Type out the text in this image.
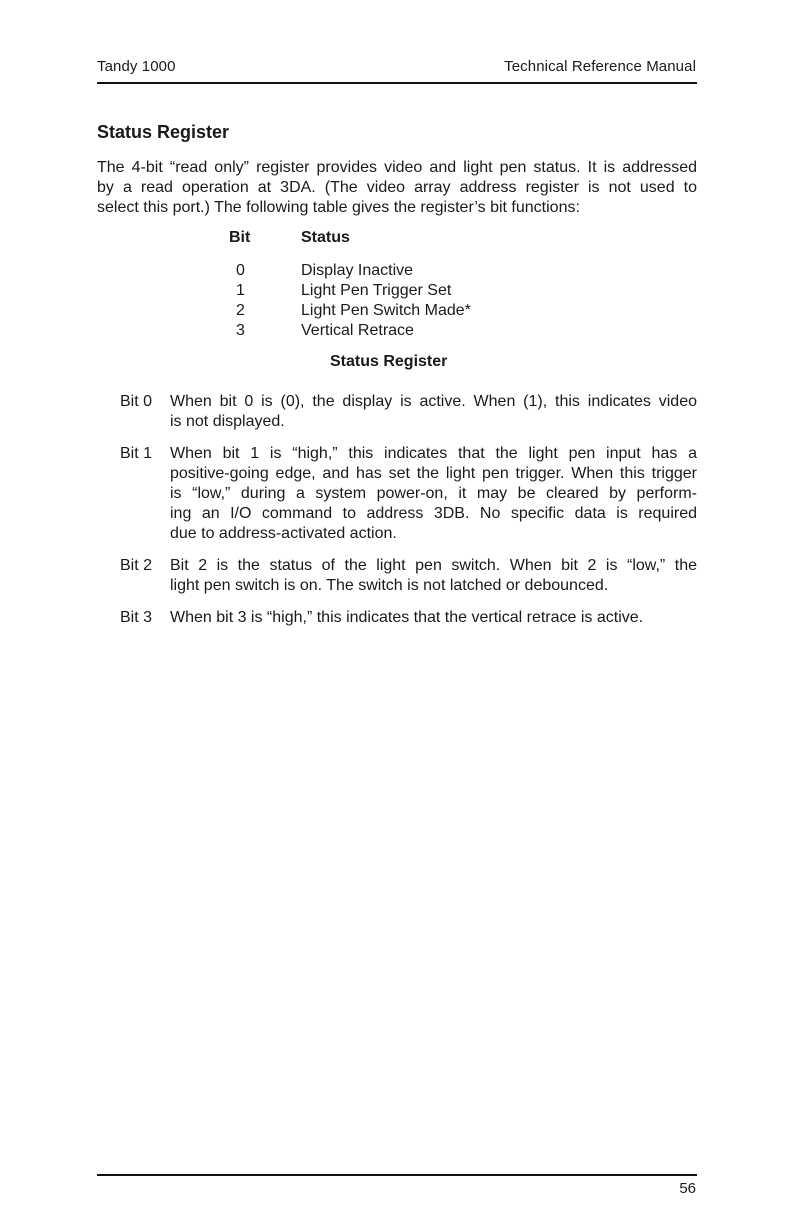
Tandy 1000	Technical Reference Manual
Status Register
The 4-bit “read only” register provides video and light pen status. It is addressed
by a read operation at 3DA. (The video array address register is not used to
select this port.) The following table gives the register’s bit functions:
Bit	Status
0	Display Inactive
1	Light Pen Trigger Set
2	Light Pen Switch Made*
3	Vertical Retrace
Status Register
Bit 0	When bit 0 is (0), the display is active. When (1), this indicates video
is not displayed.
Bit 1	When bit 1 is “high,” this indicates that the light pen input has a
positive-going edge, and has set the light pen trigger. When this trigger
is “low,” during a system power-on, it may be cleared by perform-
ing an I/O command to address 3DB. No specific data is required
due to address-activated action.
Bit 2	Bit 2 is the status of the light pen switch. When bit 2 is “low,” the
light pen switch is on. The switch is not latched or debounced.
Bit 3	When bit 3 is “high,” this indicates that the vertical retrace is active.
56
